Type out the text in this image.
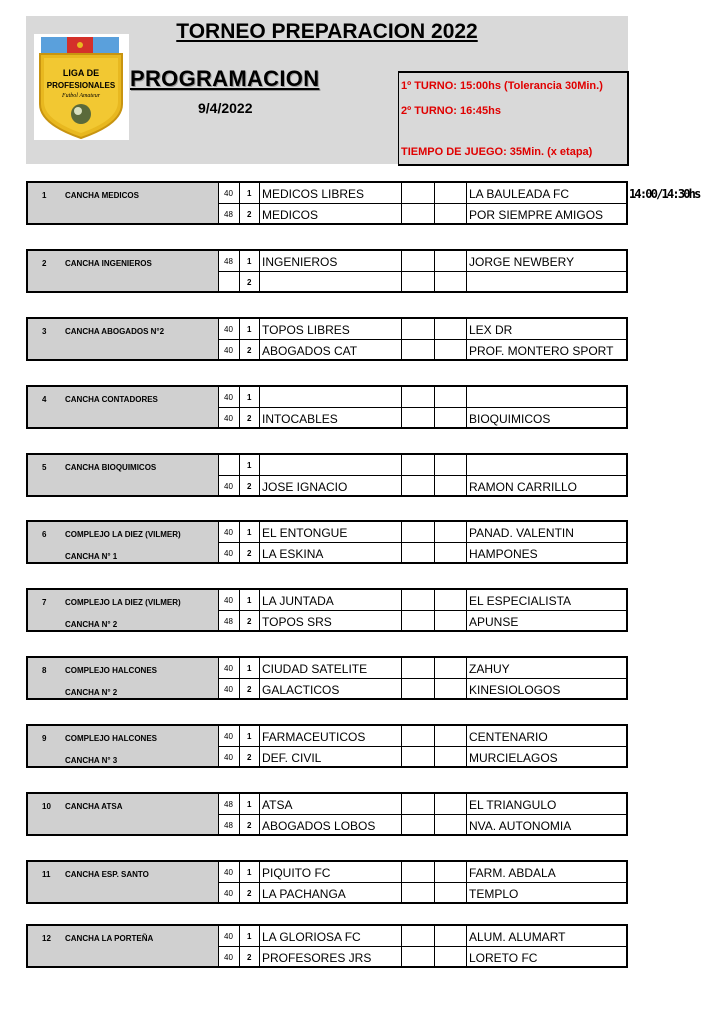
TORNEO PREPARACION 2022
LIGA DE
PROFESIONALES
Futbol Amateur
PROGRAMACION
9/4/2022
1º TURNO: 15:00hs (Tolerancia 30Min.)
2º TURNO: 16:45hs
TIEMPO DE JUEGO: 35Min. (x etapa)
14:00/14:30hs
1 CANCHA MEDICOS	40 1 MEDICOS LIBRES	LA BAULEADA FC
48 2 MEDICOS	POR SIEMPRE AMIGOS
2 CANCHA INGENIEROS	48 1 INGENIEROS	JORGE NEWBERY
2
3 CANCHA ABOGADOS N°2	40 1 TOPOS LIBRES	LEX DR
40 2 ABOGADOS CAT	PROF. MONTERO SPORT
4 CANCHA CONTADORES	40 1
40 2 INTOCABLES	BIOQUIMICOS
5 CANCHA BIOQUIMICOS	1
40 2 JOSE IGNACIO	RAMON CARRILLO
6 COMPLEJO LA DIEZ (VILMER)
CANCHA N° 1
40 1 EL ENTONGUE	PANAD. VALENTIN
40 2 LA ESKINA	HAMPONES
7 COMPLEJO LA DIEZ (VILMER)
CANCHA N° 2
40 1 LA JUNTADA	EL ESPECIALISTA
48 2 TOPOS SRS	APUNSE
8 COMPLEJO HALCONES
CANCHA N° 2
40 1 CIUDAD SATELITE	ZAHUY
40 2 GALACTICOS	KINESIOLOGOS
9 COMPLEJO HALCONES
CANCHA N° 3
40 1 FARMACEUTICOS	CENTENARIO
40 2 DEF. CIVIL	MURCIELAGOS
10 CANCHA ATSA	48 1 ATSA	EL TRIANGULO
48 2 ABOGADOS LOBOS	NVA. AUTONOMIA
11 CANCHA ESP. SANTO	40 1 PIQUITO FC	FARM. ABDALA
40 2 LA PACHANGA	TEMPLO
12 CANCHA LA PORTEÑA	40 1 LA GLORIOSA FC	ALUM. ALUMART
40 2 PROFESORES JRS	LORETO FC
